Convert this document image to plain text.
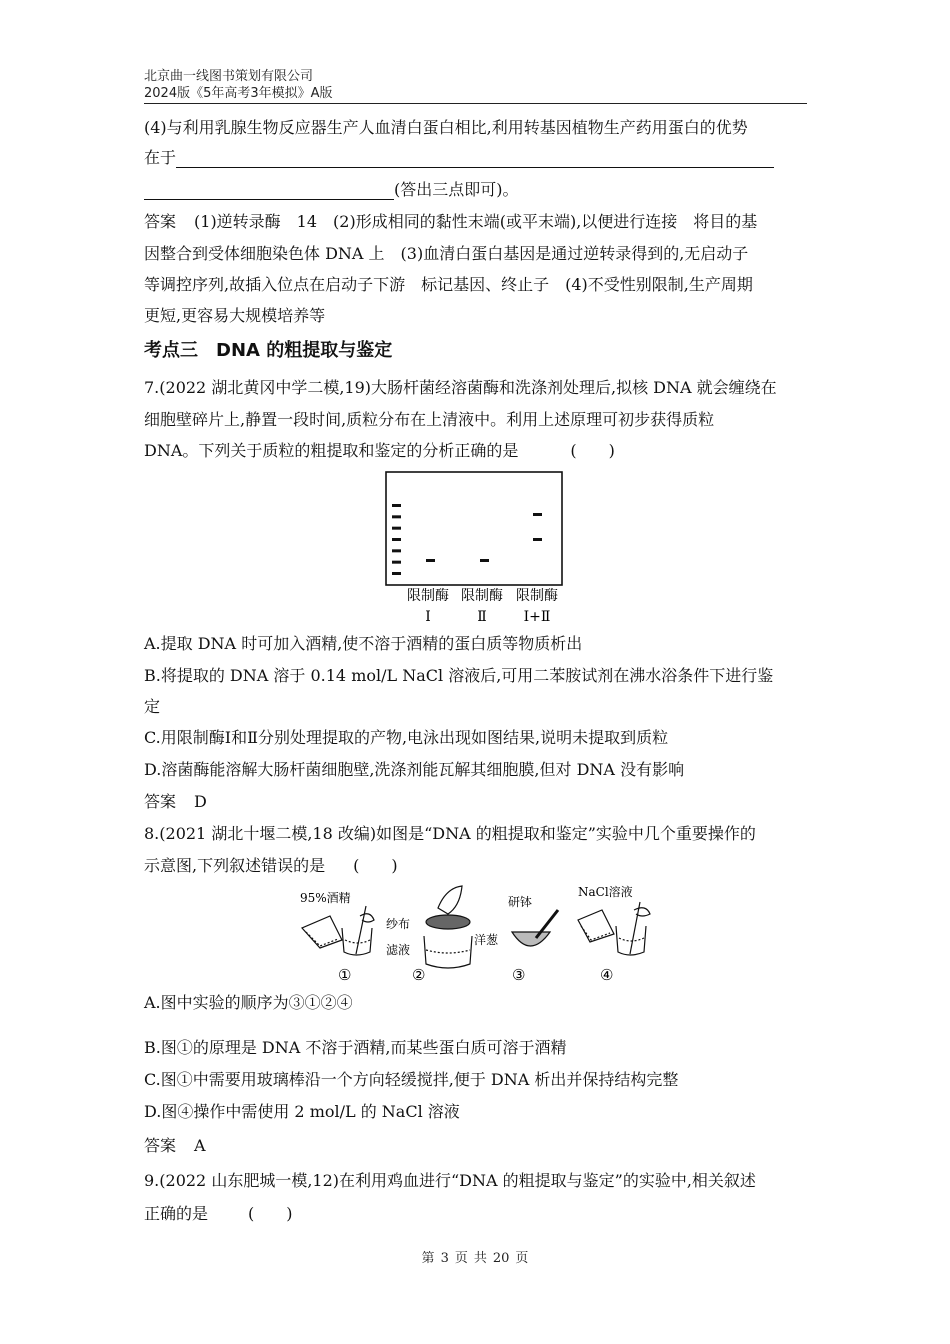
北京曲一线图书策划有限公司
2024版《5年高考3年模拟》A版
(4)与利用乳腺生物反应器生产人血清白蛋白相比,利用转基因植物生产药用蛋白的优势
在于
(答出三点即可)。
答案 (1)逆转录酶　14　(2)形成相同的黏性末端(或平末端),以便进行连接　将目的基
因整合到受体细胞染色体 DNA 上　(3)血清白蛋白基因是通过逆转录得到的,无启动子
等调控序列,故插入位点在启动子下游　标记基因、终止子　(4)不受性别限制,生产周期
更短,更容易大规模培养等
考点三　DNA 的粗提取与鉴定
7.(2022 湖北黄冈中学二模,19)大肠杆菌经溶菌酶和洗涤剂处理后,拟核 DNA 就会缠绕在
细胞壁碎片上,静置一段时间,质粒分布在上清液中。利用上述原理可初步获得质粒
DNA。下列关于质粒的粗提取和鉴定的分析正确的是	(　　)
限制酶 限制酶 限制酶
Ⅰ	Ⅱ	Ⅰ+Ⅱ
A.提取 DNA 时可加入酒精,使不溶于酒精的蛋白质等物质析出
B.将提取的 DNA 溶于 0.14 mol/L NaCl 溶液后,可用二苯胺试剂在沸水浴条件下进行鉴
定
C.用限制酶Ⅰ和Ⅱ分别处理提取的产物,电泳出现如图结果,说明未提取到质粒
D.溶菌酶能溶解大肠杆菌细胞壁,洗涤剂能瓦解其细胞膜,但对 DNA 没有影响
答案 D
8.(2021 湖北十堰二模,18 改编)如图是“DNA 的粗提取和鉴定”实验中几个重要操作的
示意图,下列叙述错误的是 (　　)
95%酒精
①
纱布
滤液
②
研钵
洋葱
③
NaCl溶液
④
A.图中实验的顺序为③①②④
B.图①的原理是 DNA 不溶于酒精,而某些蛋白质可溶于酒精
C.图①中需要用玻璃棒沿一个方向轻缓搅拌,便于 DNA 析出并保持结构完整
D.图④操作中需使用 2 mol/L 的 NaCl 溶液
答案 A
9.(2022 山东肥城一模,12)在利用鸡血进行“DNA 的粗提取与鉴定”的实验中,相关叙述
正确的是	(　　)
第 3 页 共 20 页
